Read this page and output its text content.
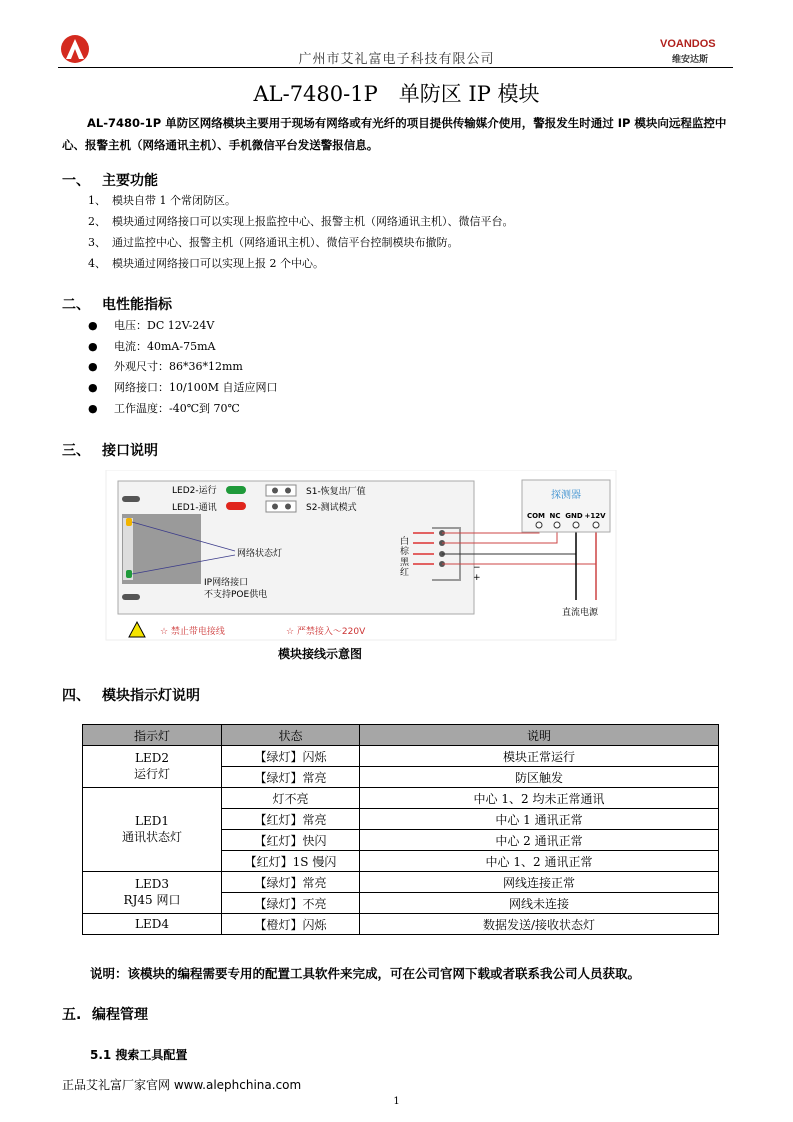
广州市艾礼富电子科技有限公司
VOANDOS
维安达斯
AL-7480-1P　单防区 IP 模块
AL-7480-1P 单防区网络模块主要用于现场有网络或有光纤的项目提供传输媒介使用，警报发生时通过 IP 模块向远程监控中心、报警主机（网络通讯主机）、手机微信平台发送警报信息。
一、 主要功能
1、 模块自带 1 个常闭防区。
2、 模块通过网络接口可以实现上报监控中心、报警主机（网络通讯主机）、微信平台。
3、 通过监控中心、报警主机（网络通讯主机）、微信平台控制模块布撤防。
4、 模块通过网络接口可以实现上报 2 个中心。
二、 电性能指标
● 电压：DC 12V-24V
● 电流：40mA-75mA
● 外观尺寸：86*36*12mm
● 网络接口：10/100M 自适应网口
● 工作温度：-40℃到 70℃
三、 接口说明
LED2-运行
LED1-通讯
S1-恢复出厂值
S2-测试模式
网络状态灯
IP网络接口
不支持POE供电
白
棕
黑
红	−
+
探测器
COM NC GND +12V
直流电源
☆ 禁止带电接线	☆ 严禁接入～220V
模块接线示意图
四、 模块指示灯说明
指示灯	状态	说明
LED2
运行灯	【绿灯】闪烁	模块正常运行
	【绿灯】常亮	防区触发
LED1
通讯状态灯	灯不亮	中心 1、2 均未正常通讯
	【红灯】常亮	中心 1 通讯正常
	【红灯】快闪	中心 2 通讯正常
	【红灯】1S 慢闪	中心 1、2 通讯正常
LED3
RJ45 网口	【绿灯】常亮	网线连接正常
	【绿灯】不亮	网线未连接
LED4	【橙灯】闪烁	数据发送/接收状态灯
说明：该模块的编程需要专用的配置工具软件来完成，可在公司官网下载或者联系我公司人员获取。
五. 编程管理
5.1 搜索工具配置
正品艾礼富厂家官网 www.alephchina.com
1
